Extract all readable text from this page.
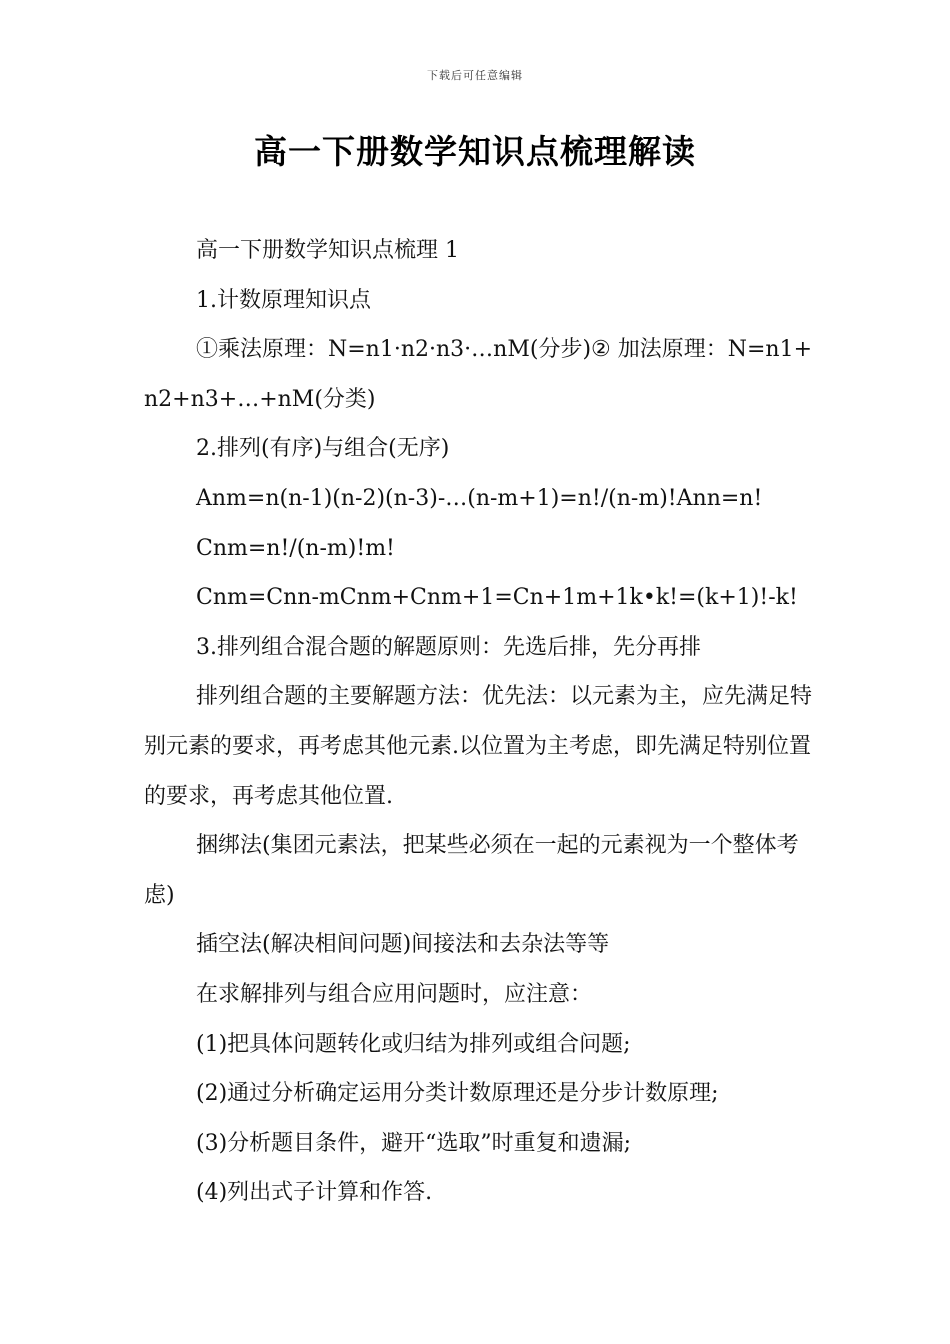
下载后可任意编辑
高一下册数学知识点梳理解读

高一下册数学知识点梳理 1

1.计数原理知识点

①乘法原理：N=n1·n2·n3·…nM(分步)② 加法原理：N=n1+n2+n3+…+nM(分类)

2.排列(有序)与组合(无序)

Anm=n(n-1)(n-2)(n-3)-…(n-m+1)=n!/(n-m)!Ann=n!

Cnm=n!/(n-m)!m!

Cnm=Cnn-mCnm+Cnm+1=Cn+1m+1k•k!=(k+1)!-k!

3.排列组合混合题的解题原则：先选后排，先分再排

排列组合题的主要解题方法：优先法：以元素为主，应先满足特别元素的要求，再考虑其他元素.以位置为主考虑，即先满足特别位置的要求，再考虑其他位置.

捆绑法(集团元素法，把某些必须在一起的元素视为一个整体考虑)

插空法(解决相间问题)间接法和去杂法等等

在求解排列与组合应用问题时，应注意：

(1)把具体问题转化或归结为排列或组合问题;

(2)通过分析确定运用分类计数原理还是分步计数原理;

(3)分析题目条件，避开“选取”时重复和遗漏;

(4)列出式子计算和作答.
